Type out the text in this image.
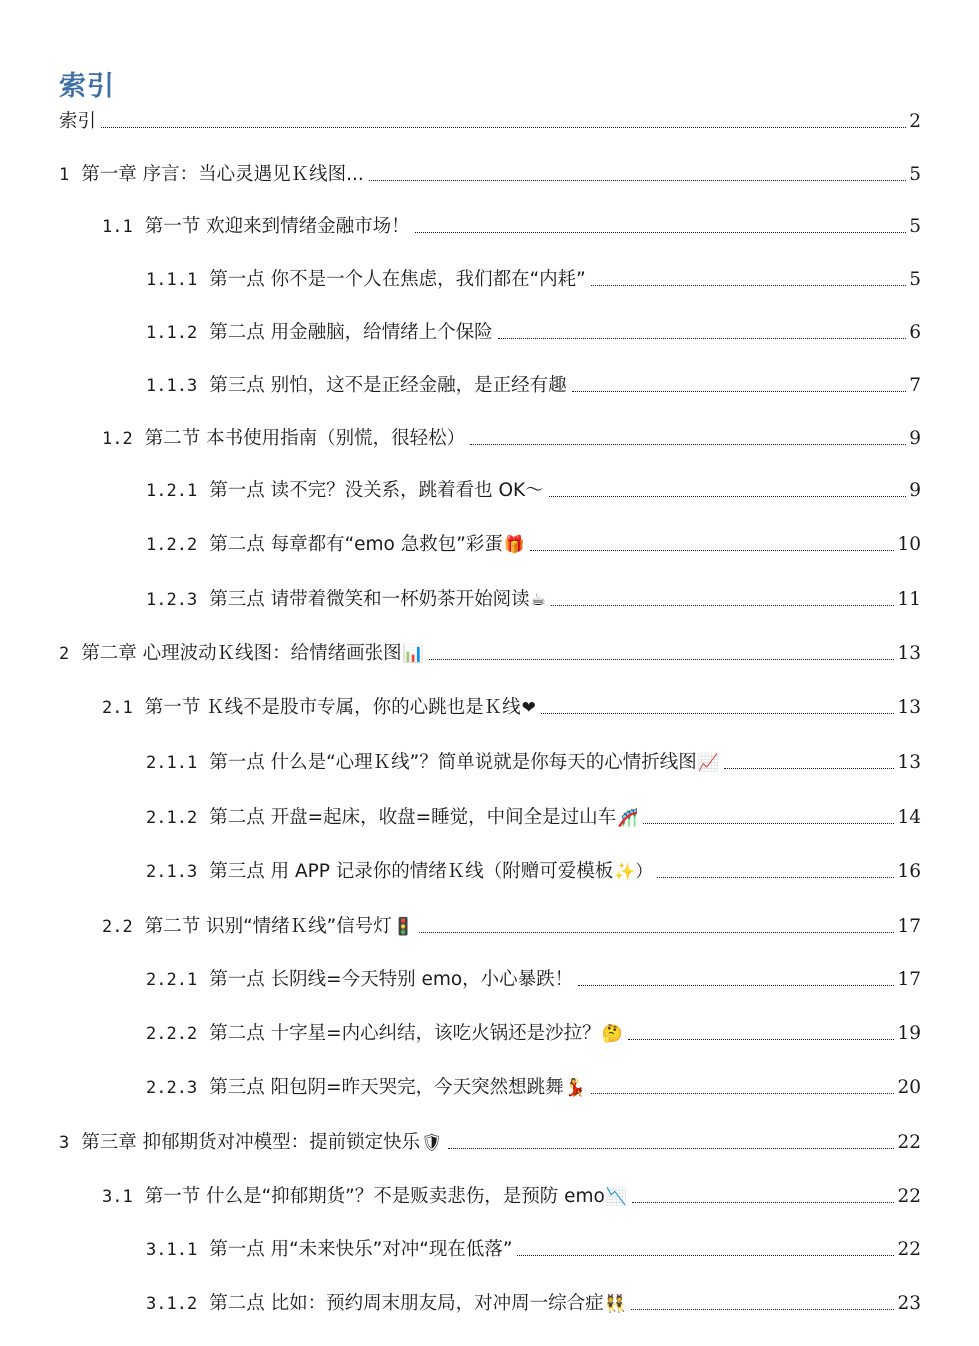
索引
索引	2
1 第一章 序言：当心灵遇见Ｋ线图...	5
1.1 第一节 欢迎来到情绪金融市场！	5
1.1.1 第一点 你不是一个人在焦虑，我们都在“内耗”	5
1.1.2 第二点 用金融脑，给情绪上个保险	6
1.1.3 第三点 别怕，这不是正经金融，是正经有趣	7
1.2 第二节 本书使用指南（别慌，很轻松）	9
1.2.1 第一点 读不完？没关系，跳着看也 OK～	9
1.2.2 第二点 每章都有“emo 急救包”彩蛋 🎁	10
1.2.3 第三点 请带着微笑和一杯奶茶开始阅读 ☕	11
2 第二章 心理波动Ｋ线图：给情绪画张图 📊	13
2.1 第一节 Ｋ线不是股市专属，你的心跳也是Ｋ线 ❤	13
2.1.1 第一点 什么是“心理Ｋ线”？简单说就是你每天的心情折线图 📈	13
2.1.2 第二点 开盘=起床，收盘=睡觉，中间全是过山车 🎢	14
2.1.3 第三点 用 APP 记录你的情绪Ｋ线（附赠可爱模板 ✨）	16
2.2 第二节 识别“情绪Ｋ线”信号灯 🚦	17
2.2.1 第一点 长阴线=今天特别 emo，小心暴跌！	17
2.2.2 第二点 十字星=内心纠结，该吃火锅还是沙拉？ 🤔	19
2.2.3 第三点 阳包阴=昨天哭完，今天突然想跳舞 💃	20
3 第三章 抑郁期货对冲模型：提前锁定快乐 🛡	22
3.1 第一节 什么是“抑郁期货”？不是贩卖悲伤，是预防 emo 📉	22
3.1.1 第一点 用“未来快乐”对冲“现在低落”	22
3.1.2 第二点 比如：预约周末朋友局，对冲周一综合症 👯	23
